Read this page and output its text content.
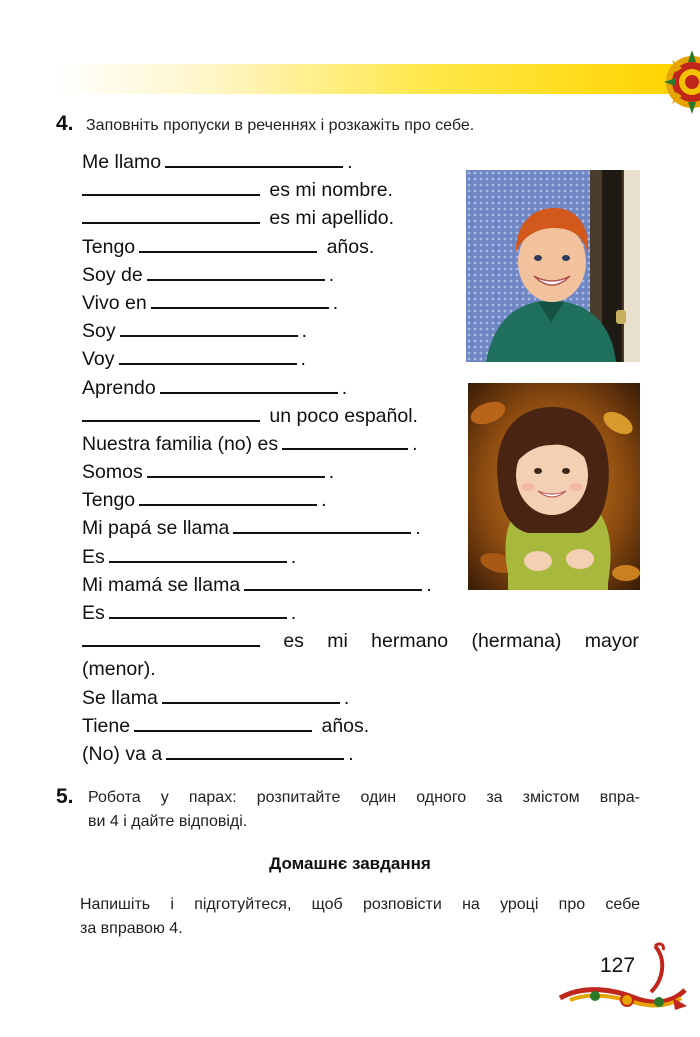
4. Заповніть пропуски в реченнях і розкажіть про себе.
Me llamo	.
es mi nombre.
es mi apellido.
Tengo	años.
Soy de	.
Vivo en	.
Soy	.
Voy	.
Aprendo	.
un poco español.
Nuestra familia (no) es	.
Somos	.
Tengo	.
Mi papá se llama	.
Es	.
Mi mamá se llama	.
Es	.
es mi hermano (hermana) mayor
(menor).
Se llama	.
Tiene	años.
(No) va a	.
5. Робота у парах: розпитайте один одного за змістом впра-
ви 4 і дайте відповіді.
Домашнє завдання
Напишіть і підготуйтеся, щоб розповісти на уроці про себе
за вправою 4.
127
